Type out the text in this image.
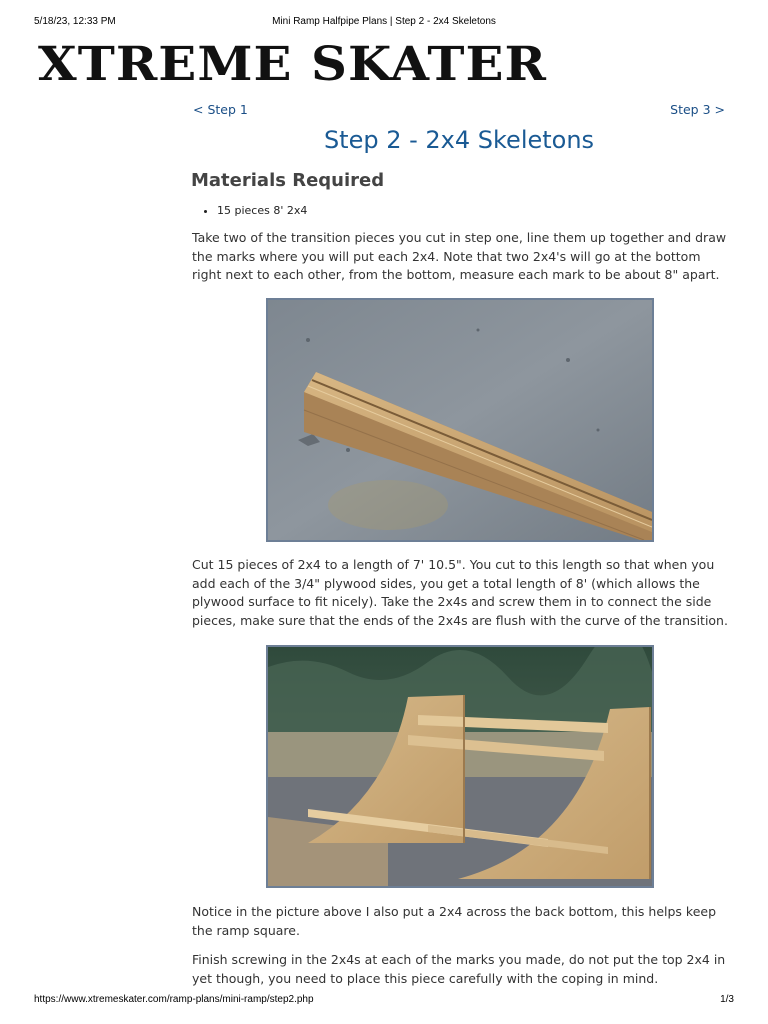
5/18/23, 12:33 PM	Mini Ramp Halfpipe Plans | Step 2 - 2x4 Skeletons
XTREME SKATER
< Step 1	Step 3 >
Step 2 - 2x4 Skeletons
Materials Required
• 15 pieces 8' 2x4

Take two of the transition pieces you cut in step one, line them up together and draw the marks where you will put each 2x4. Note that two 2x4's will go at the bottom right next to each other, from the bottom, measure each mark to be about 8" apart.

Cut 15 pieces of 2x4 to a length of 7' 10.5". You cut to this length so that when you add each of the 3/4" plywood sides, you get a total length of 8' (which allows the plywood surface to fit nicely). Take the 2x4s and screw them in to connect the side pieces, make sure that the ends of the 2x4s are flush with the curve of the transition.

Notice in the picture above I also put a 2x4 across the back bottom, this helps keep the ramp square.

Finish screwing in the 2x4s at each of the marks you made, do not put the top 2x4 in yet though, you need to place this piece carefully with the coping in mind.

https://www.xtremeskater.com/ramp-plans/mini-ramp/step2.php	1/3
